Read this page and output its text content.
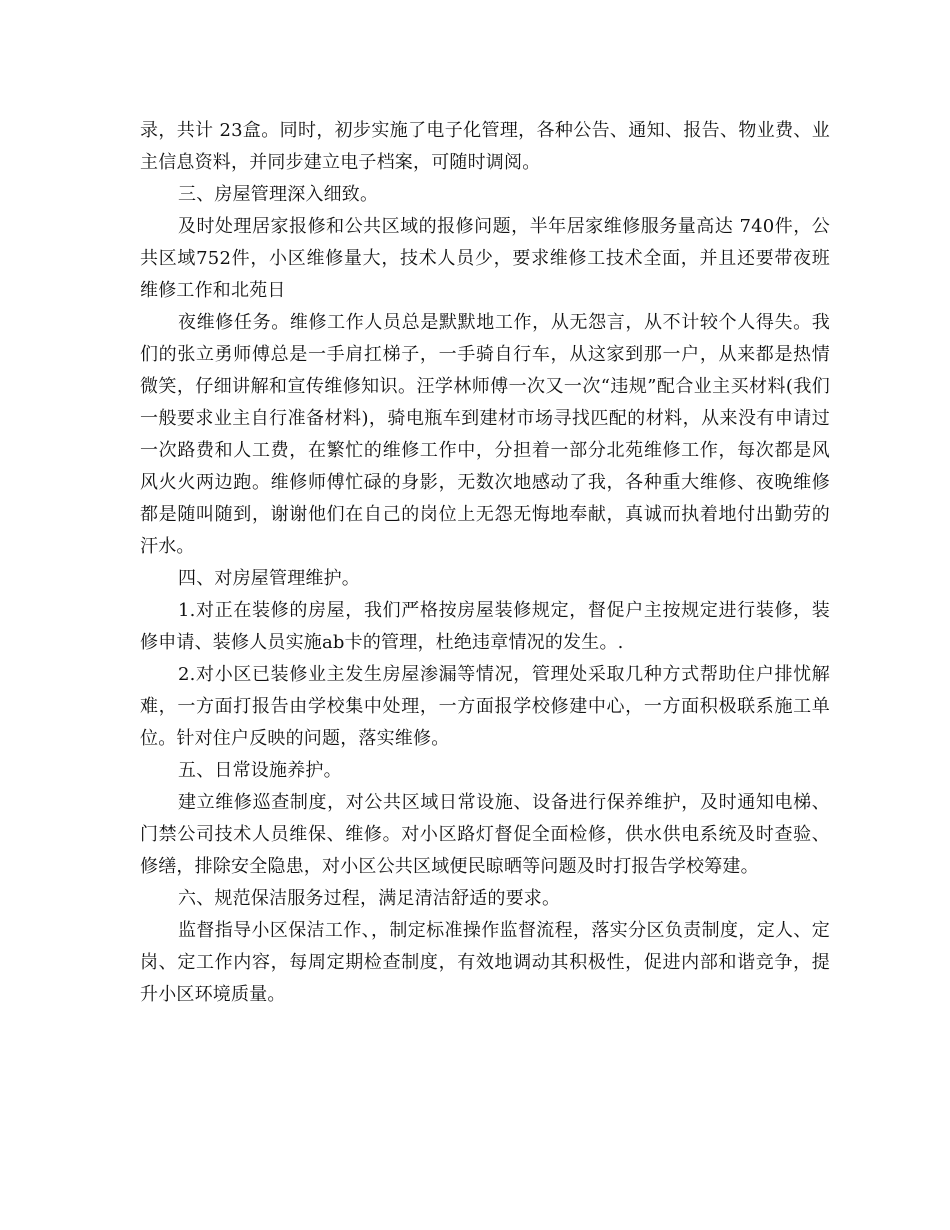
录，共计 23盒。同时，初步实施了电子化管理，各种公告、通知、报告、物业费、业主信息资料，并同步建立电子档案，可随时调阅。

三、房屋管理深入细致。

及时处理居家报修和公共区域的报修问题，半年居家维修服务量高达 740件，公共区域752件，小区维修量大，技术人员少，要求维修工技术全面，并且还要带夜班维修工作和北苑日

夜维修任务。维修工作人员总是默默地工作，从无怨言，从不计较个人得失。我们的张立勇师傅总是一手肩扛梯子，一手骑自行车，从这家到那一户，从来都是热情微笑，仔细讲解和宣传维修知识。汪学林师傅一次又一次“违规”配合业主买材料(我们一般要求业主自行准备材料)，骑电瓶车到建材市场寻找匹配的材料，从来没有申请过一次路费和人工费，在繁忙的维修工作中，分担着一部分北苑维修工作，每次都是风风火火两边跑。维修师傅忙碌的身影，无数次地感动了我，各种重大维修、夜晚维修都是随叫随到，谢谢他们在自己的岗位上无怨无悔地奉献，真诚而执着地付出勤劳的汗水。

四、对房屋管理维护。

1.对正在装修的房屋，我们严格按房屋装修规定，督促户主按规定进行装修，装修申请、装修人员实施ab卡的管理，杜绝违章情况的发生。.

2.对小区已装修业主发生房屋渗漏等情况，管理处采取几种方式帮助住户排忧解难，一方面打报告由学校集中处理，一方面报学校修建中心，一方面积极联系施工单位。针对住户反映的问题，落实维修。

五、日常设施养护。

建立维修巡查制度，对公共区域日常设施、设备进行保养维护，及时通知电梯、门禁公司技术人员维保、维修。对小区路灯督促全面检修，供水供电系统及时查验、修缮，排除安全隐患，对小区公共区域便民晾晒等问题及时打报告学校筹建。

六、规范保洁服务过程，满足清洁舒适的要求。

监督指导小区保洁工作、，制定标准操作监督流程，落实分区负责制度，定人、定岗、定工作内容，每周定期检查制度，有效地调动其积极性，促进内部和谐竞争，提升小区环境质量。
